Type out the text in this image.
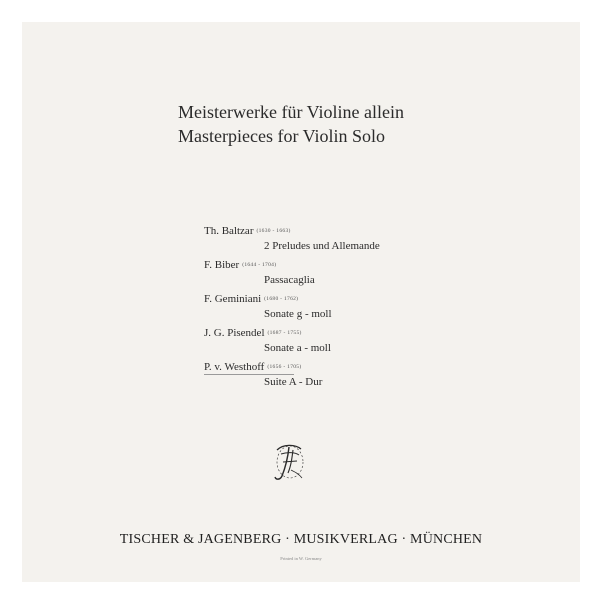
Meisterwerke für Violine allein
Masterpieces for Violin Solo
Th. Baltzar (1630 - 1663)
2 Preludes und Allemande
F. Biber (1644 - 1704)
Passacaglia
F. Geminiani (1680 - 1762)
Sonate g - moll
J. G. Pisendel (1687 - 1755)
Sonate a - moll
P. v. Westhoff (1656 - 1705)
Suite A - Dur
TISCHER & JAGENBERG · MUSIKVERLAG · MÜNCHEN
Printed in W. Germany
